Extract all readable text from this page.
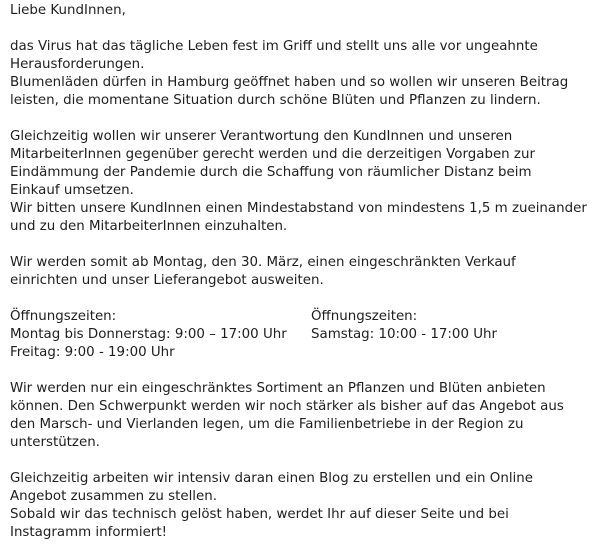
Liebe KundInnen,
das Virus hat das tägliche Leben fest im Griff und stellt uns alle vor ungeahnte
Herausforderungen.
Blumenläden dürfen in Hamburg geöffnet haben und so wollen wir unseren Beitrag
leisten, die momentane Situation durch schöne Blüten und Pflanzen zu lindern.
Gleichzeitig wollen wir unserer Verantwortung den KundInnen und unseren
MitarbeiterInnen gegenüber gerecht werden und die derzeitigen Vorgaben zur
Eindämmung der Pandemie durch die Schaffung von räumlicher Distanz beim
Einkauf umsetzen.
Wir bitten unsere KundInnen einen Mindestabstand von mindestens 1,5 m zueinander
und zu den MitarbeiterInnen einzuhalten.
Wir werden somit ab Montag, den 30. März, einen eingeschränkten Verkauf
einrichten und unser Lieferangebot ausweiten.
Öffnungszeiten:
Montag bis Donnerstag: 9:00 – 17:00 Uhr
Freitag: 9:00 - 19:00 Uhr
Öffnungszeiten:
Samstag: 10:00 - 17:00 Uhr
Wir werden nur ein eingeschränktes Sortiment an Pflanzen und Blüten anbieten
können. Den Schwerpunkt werden wir noch stärker als bisher auf das Angebot aus
den Marsch- und Vierlanden legen, um die Familienbetriebe in der Region zu
unterstützen.
Gleichzeitig arbeiten wir intensiv daran einen Blog zu erstellen und ein Online
Angebot zusammen zu stellen.
Sobald wir das technisch gelöst haben, werdet Ihr auf dieser Seite und bei
Instagramm informiert!
